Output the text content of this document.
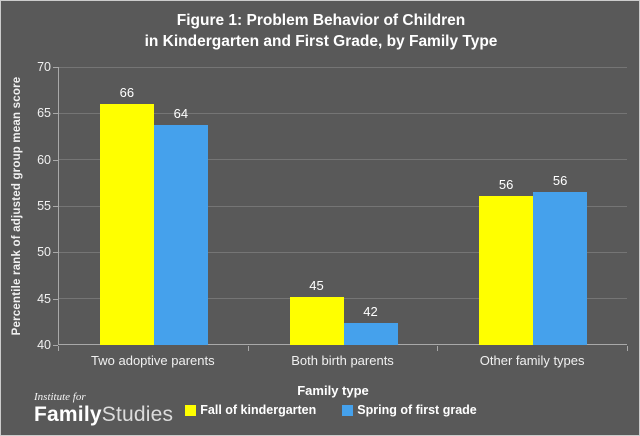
Figure 1: Problem Behavior of Children
in Kindergarten and First Grade, by Family Type
Percentile rank of adjusted group mean score	66
64
45
42
56	56
40
45
50
55
60
65
70
Two adoptive parents	Both birth parents	Other family types
Family type
Fall of kindergarten	Spring of first grade
Institute for
FamilyStudies
